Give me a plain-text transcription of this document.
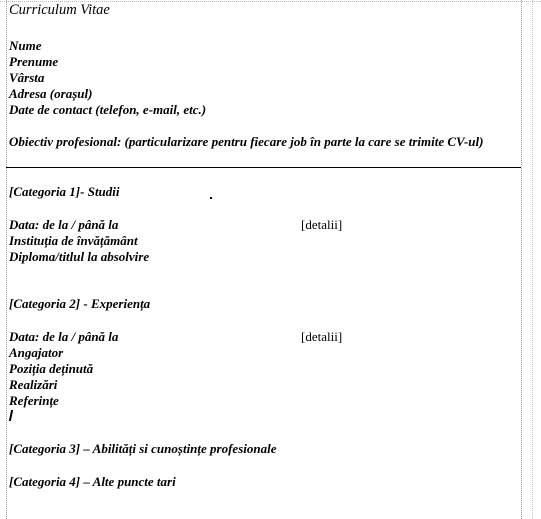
Curriculum Vitae
Nume
Prenume
Vârsta
Adresa (orașul)
Date de contact (telefon, e-mail, etc.)
Obiectiv profesional: (particularizare pentru fiecare job în parte la care se trimite CV-ul)
[Categoria 1]- Studii
Data: de la / până la	[detalii]
Instituția de învățământ
Diploma/titlul la absolvire
[Categoria 2] - Experiența
Data: de la / până la	[detalii]
Angajator
Poziția deținută
Realizări
Referințe
[Categoria 3] – Abilități si cunoștințe profesionale
[Categoria 4] – Alte puncte tari
